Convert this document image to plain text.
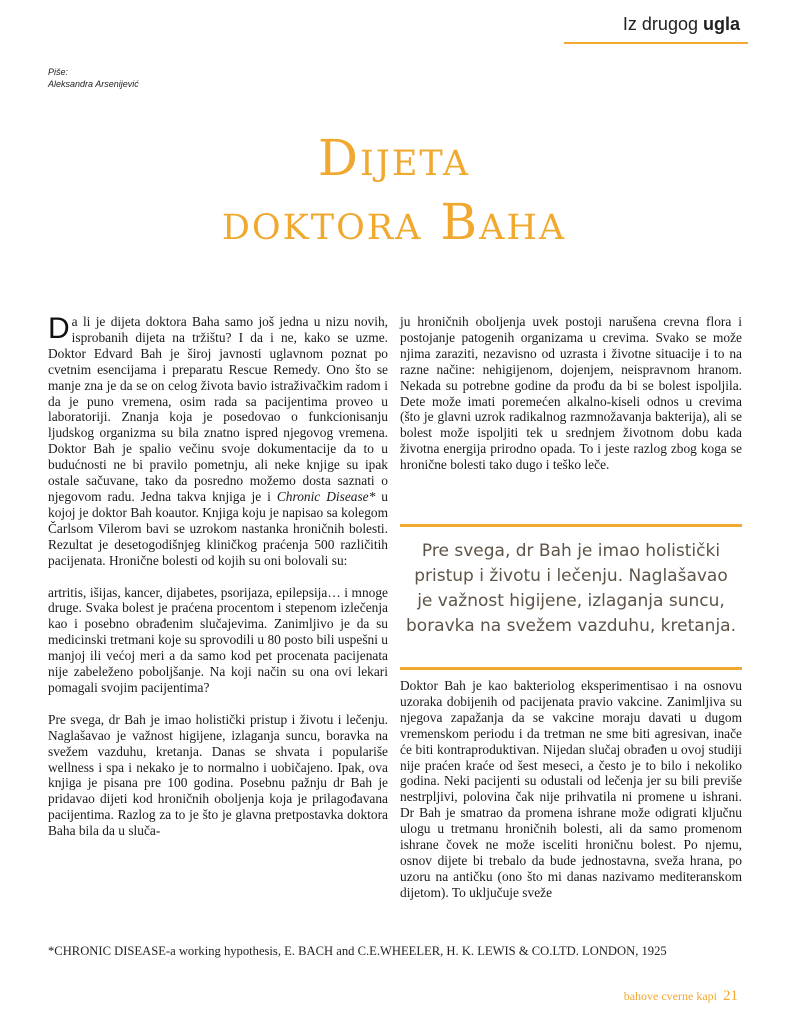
Iz drugog ugla
Piše:
Aleksandra Arsenijević
Dijeta
doktora Baha

Da li je dijeta doktora Baha samo još jedna u nizu novih, isprobanih dijeta na tržištu? I da i ne, kako se uzme. Doktor Edvard Bah je široj javnosti uglavnom poznat po cvetnim esencijama i preparatu Rescue Remedy. Ono što se manje zna je da se on celog života bavio istraživačkim radom i da je puno vremena, osim rada sa pacijentima proveo u laboratoriji. Znanja koja je posedovao o funkcionisanju ljudskog organizma su bila znatno ispred njegovog vremena. Doktor Bah je spalio večinu svoje dokumentacije da to u budućnosti ne bi pravilo pometnju, ali neke knjige su ipak ostale sačuvane, tako da posredno možemo dosta saznati o njegovom radu. Jedna takva knjiga je i Chronic Disease* u kojoj je doktor Bah koautor. Knjiga koju je napisao sa kolegom Čarlsom Vilerom bavi se uzrokom nastanka hroničnih bolesti. Rezultat je desetogodišnjeg kliničkog praćenja 500 različitih pacijenata. Hronične bolesti od kojih su oni bolovali su:

artritis, išijas, kancer, dijabetes, psorijaza, epilepsija… i mnoge druge. Svaka bolest je praćena procentom i stepenom izlečenja kao i posebno obrađenim slučajevima. Zanimljivo je da su medicinski tretmani koje su sprovodili u 80 posto bili uspešni u manjoj ili većoj meri a da samo kod pet procenata pacijenata nije zabeleženo poboljšanje. Na koji način su ona ovi lekari pomagali svojim pacijentima?

Pre svega, dr Bah je imao holistički pristup i životu i lečenju. Naglašavao je važnost higijene, izlaganja suncu, boravka na svežem vazduhu, kretanja. Danas se shvata i populariše wellness i spa i nekako je to normalno i uobičajeno. Ipak, ova knjiga je pisana pre 100 godina. Posebnu pažnju dr Bah je pridavao dijeti kod hroničnih oboljenja koja je prilagođavana pacijentima. Razlog za to je što je glavna pretpostavka doktora Baha bila da u sluča-

ju hroničnih oboljenja uvek postoji narušena crevna flora i postojanje patogenih organizama u crevima. Svako se može njima zaraziti, nezavisno od uzrasta i životne situacije i to na razne načine: nehigijenom, dojenjem, neispravnom hranom. Nekada su potrebne godine da prođu da bi se bolest ispoljila. Dete može imati poremećen alkalno-kiseli odnos u crevima (što je glavni uzrok radikalnog razmnožavanja bakterija), ali se bolest može ispoljiti tek u srednjem životnom dobu kada životna energija prirodno opada. To i jeste razlog zbog koga se hronične bolesti tako dugo i teško leče.

Pre svega, dr Bah je imao holistički pristup i životu i lečenju. Naglašavao je važnost higijene, izlaganja suncu, boravka na svežem vazduhu, kretanja.

Doktor Bah je kao bakteriolog eksperimentisao i na osnovu uzoraka dobijenih od pacijenata pravio vakcine. Zanimljiva su njegova zapažanja da se vakcine moraju davati u dugom vremenskom periodu i da tretman ne sme biti agresivan, inače će biti kontraproduktivan. Nijedan slučaj obrađen u ovoj studiji nije praćen kraće od šest meseci, a često je to bilo i nekoliko godina. Neki pacijenti su odustali od lečenja jer su bili previše nestrpljivi, polovina čak nije prihvatila ni promene u ishrani. Dr Bah je smatrao da promena ishrane može odigrati ključnu ulogu u tretmanu hroničnih bolesti, ali da samo promenom ishrane čovek ne može isceliti hroničnu bolest. Po njemu, osnov dijete bi trebalo da bude jednostavna, sveža hrana, po uzoru na antičku (ono što mi danas nazivamo mediteranskom dijetom). To uključuje sveže

*CHRONIC DISEASE-a working hypothesis, E. BACH and C.E.WHEELER, H. K. LEWIS & CO.LTD. LONDON, 1925
bahove cverne kapi 21
